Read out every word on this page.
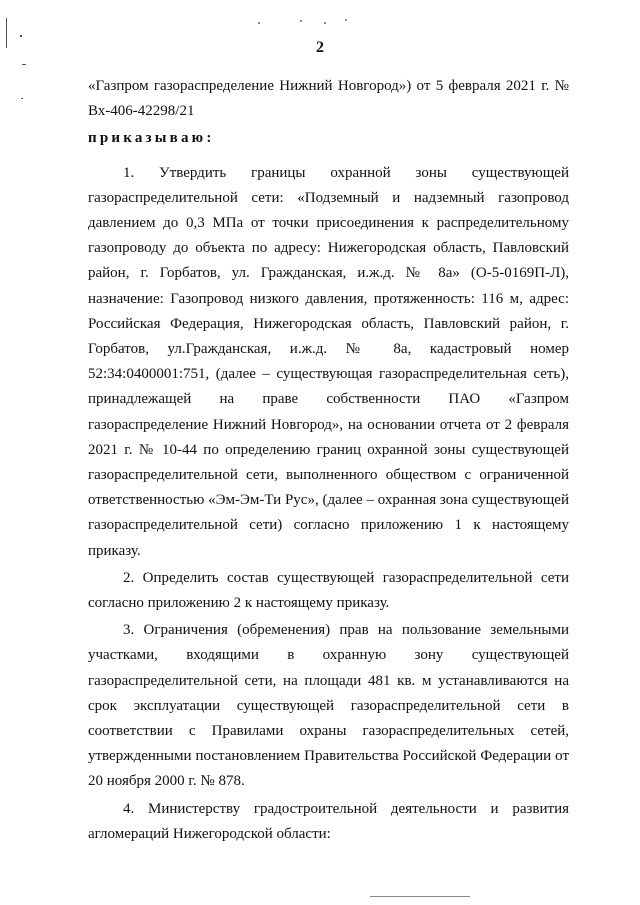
2

«Газпром газораспределение Нижний Новгород») от 5 февраля 2021 г. № Вх-406-42298/21

приказываю:

1. Утвердить границы охранной зоны существующей газораспределительной сети: «Подземный и надземный газопровод давлением до 0,3 МПа от точки присоединения к распределительному газопроводу до объекта по адресу: Нижегородская область, Павловский район, г. Горбатов, ул. Гражданская, и.ж.д. № 8а» (О-5-0169П-Л), назначение: Газопровод низкого давления, протяженность: 116 м, адрес: Российская Федерация, Нижегородская область, Павловский район, г. Горбатов, ул.Гражданская, и.ж.д. № 8а, кадастровый номер 52:34:0400001:751, (далее – существующая газораспределительная сеть), принадлежащей на праве собственности ПАО «Газпром газораспределение Нижний Новгород», на основании отчета от 2 февраля 2021 г. № 10-44 по определению границ охранной зоны существующей газораспределительной сети, выполненного обществом с ограниченной ответственностью «Эм-Эм-Ти Рус», (далее – охранная зона существующей газораспределительной сети) согласно приложению 1 к настоящему приказу.

2. Определить состав существующей газораспределительной сети согласно приложению 2 к настоящему приказу.

3. Ограничения (обременения) прав на пользование земельными участками, входящими в охранную зону существующей газораспределительной сети, на площади 481 кв. м устанавливаются на срок эксплуатации существующей газораспределительной сети в соответствии с Правилами охраны газораспределительных сетей, утвержденными постановлением Правительства Российской Федерации от 20 ноября 2000 г. № 878.

4. Министерству градостроительной деятельности и развития агломераций Нижегородской области:
